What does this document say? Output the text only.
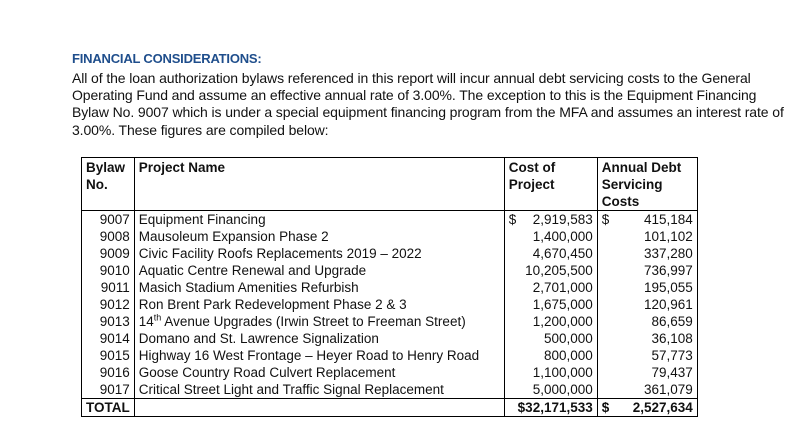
FINANCIAL CONSIDERATIONS:

All of the loan authorization bylaws referenced in this report will incur annual debt servicing costs to the General Operating Fund and assume an effective annual rate of 3.00%. The exception to this is the Equipment Financing Bylaw No. 9007 which is under a special equipment financing program from the MFA and assumes an interest rate of 3.00%. These figures are compiled below:

Bylaw No.	Project Name	Cost of Project	Annual Debt Servicing Costs
9007	Equipment Financing	$ 2,919,583	$ 415,184

9008	Mausoleum Expansion Phase 2	1,400,000	101,102
9009	Civic Facility Roofs Replacements 2019 – 2022	4,670,450	337,280
9010	Aquatic Centre Renewal and Upgrade	10,205,500	736,997
9011	Masich Stadium Amenities Refurbish	2,701,000	195,055
9012	Ron Brent Park Redevelopment Phase 2 & 3	1,675,000	120,961
9013	14th Avenue Upgrades (Irwin Street to Freeman Street)	1,200,000	86,659
9014	Domano and St. Lawrence Signalization	500,000	36,108
9015	Highway 16 West Frontage – Heyer Road to Henry Road	800,000	57,773
9016	Goose Country Road Culvert Replacement	1,100,000	79,437
9017	Critical Street Light and Traffic Signal Replacement	5,000,000	361,079
TOTAL		$32,171,533	$ 2,527,634
